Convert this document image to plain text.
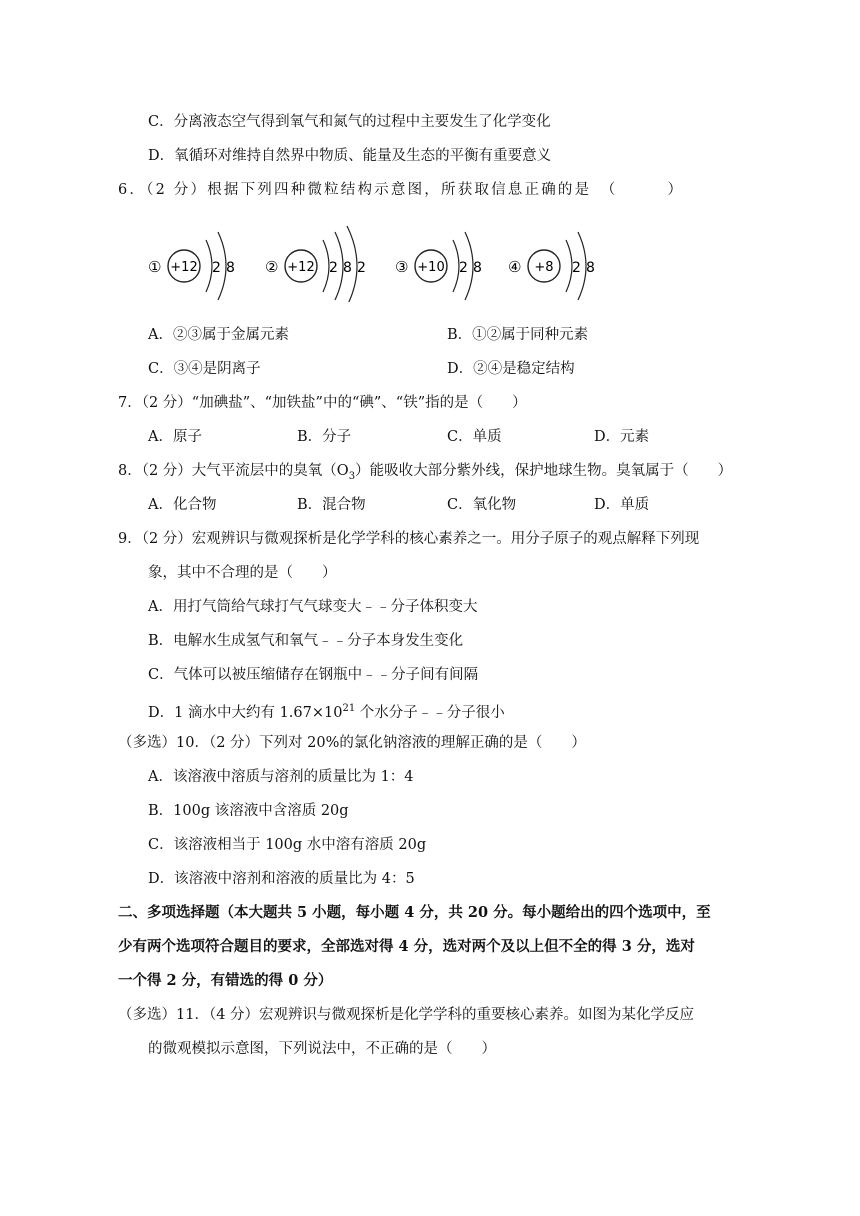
C．分离液态空气得到氧气和氮气的过程中主要发生了化学变化
D．氧循环对维持自然界中物质、能量及生态的平衡有重要意义
6．（2 分）根据下列四种微粒结构示意图，所获取信息正确的是　（　　　）
① +12 2 8 ② +12 2 8 2 ③ +10 2 8 ④ +8 2 8
A．②③属于金属元素	B．①②属于同种元素
C．③④是阴离子	D．②④是稳定结构
7．（2 分）“加碘盐”、“加铁盐”中的“碘”、“铁”指的是（　　）
A．原子	B．分子	C．单质	D．元素
8．（2 分）大气平流层中的臭氧$(O_3)$能吸收大部分紫外线，保护地球生物。臭氧属于（　　）
A．化合物	B．混合物	C．氧化物	D．单质
9．（2 分）宏观辨识与微观探析是化学学科的核心素养之一。用分子原子的观点解释下列现
象，其中不合理的是（　　）
A．用打气筒给气球打气气球变大﹣﹣分子体积变大
B．电解水生成氢气和氧气﹣﹣分子本身发生变化
C．气体可以被压缩储存在钢瓶中﹣﹣分子间有间隔
D．1 滴水中大约有 $1.67\times 10^{21}$ 个水分子﹣﹣分子很小
（多选）10．（2 分）下列对 20%的氯化钠溶液的理解正确的是（　　）
A．该溶液中溶质与溶剂的质量比为 1：4
B．100g 该溶液中含溶质 20g
C．该溶液相当于 100g 水中溶有溶质 20g
D．该溶液中溶剂和溶液的质量比为 4：5
二、多项选择题（本大题共 5 小题，每小题 4 分，共 20 分。每小题给出的四个选项中，至
少有两个选项符合题目的要求，全部选对得 4 分，选对两个及以上但不全的得 3 分，选对
一个得 2 分，有错选的得 0 分）
（多选）11．（4 分）宏观辨识与微观探析是化学学科的重要核心素养。如图为某化学反应
的微观模拟示意图，下列说法中，不正确的是（　　）
